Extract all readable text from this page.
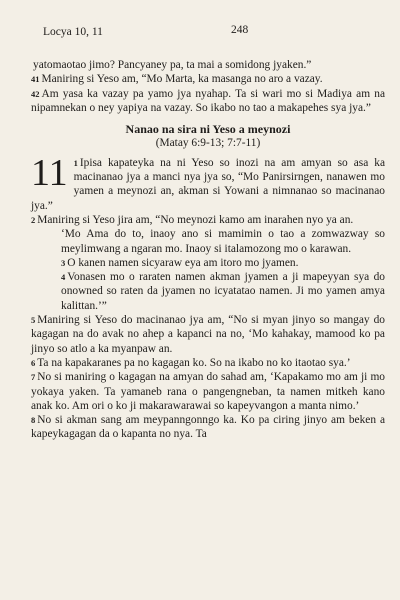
Locya 10, 11	248

yatomaotao jimo? Pancyaney pa, ta mai a somidong jyaken.”

41 Maniring si Yeso am, “Mo Marta, ka masanga no aro a vazay.

42 Am yasa ka vazay pa yamo jya nyahap. Ta si wari mo si Madiya am na nipamnekan o ney yapiya na vazay. So ikabo no tao a makapehes sya jya.”

Nanao na sira ni Yeso a meynozi
(Matay 6:9-13; 7:7-11)

11 1 Ipisa kapateyka na ni Yeso so inozi na am amyan so asa ka macinanao jya a manci nya jya so, “Mo Panirsirngen, nanawen mo yamen a meynozi an, akman si Yowani a nimnanao so macinanao jya.”

2 Maniring si Yeso jira am, “No meynozi kamo am inarahen nyo ya an.

‘Mo Ama do to, inaoy ano si mamimin o tao a zomwazway so meylimwang a ngaran mo. Inaoy si italamozong mo o karawan.

3 O kanen namen sicyaraw eya am itoro mo jyamen.

4 Vonasen mo o raraten namen akman jyamen a ji mapeyyan sya do onowned so raten da jyamen no icyatatao namen. Ji mo yamen amya kalittan.’”

5 Maniring si Yeso do macinanao jya am, “No si myan jinyo so mangay do kagagan na do avak no ahep a kapanci na no, ‘Mo kahakay, mamood ko pa jinyo so atlo a ka myanpaw an.

6 Ta na kapakaranes pa no kagagan ko. So na ikabo no ko itaotao sya.’

7 No si maniring o kagagan na amyan do sahad am, ‘Kapakamo mo am ji mo yokaya yaken. Ta yamaneb rana o pangengneban, ta namen mitkeh kano anak ko. Am ori o ko ji makarawarawai so kapeyvangon a manta nimo.’

8 No si akman sang am meypanngonngo ka. Ko pa ciring jinyo am beken a kapeykagagan da o kapanta no nya. Ta
